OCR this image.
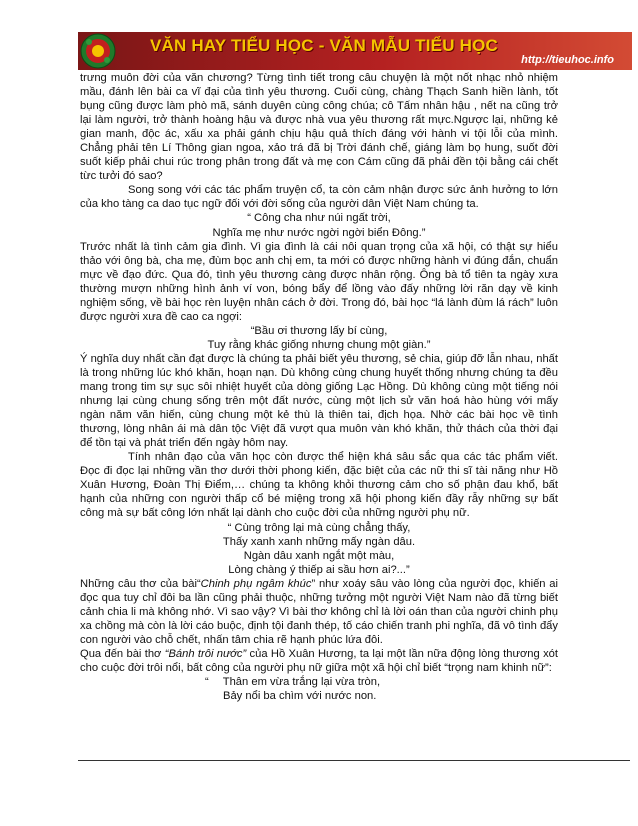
VĂN HAY TIỂU HỌC - VĂN MẪU TIỂU HỌC
http://tieuhoc.info

trưng muôn đời của văn chương? Từng tình tiết trong câu chuyện là một nốt nhạc nhỏ nhiệm mầu, đánh lên bài ca vĩ đại của tình yêu thương. Cuối cùng, chàng Thạch Sanh hiền lành, tốt bụng cũng được làm phò mã, sánh duyên cùng công chúa; cô Tấm nhân hậu , nết na cũng trở lại làm người, trở thành hoàng hậu và được nhà vua yêu thương rất mực.Ngược lại, những kẻ gian manh, độc ác, xấu xa phải gánh chịu hậu quả thích đáng với hành vi tội lỗi của mình. Chẳng phải tên Lí Thông gian ngoa, xảo trá đã bị Trời đánh chế, giáng làm bọ hung, suốt đời suốt kiếp phải chui rúc trong phân trong đất và mẹ con Cám cũng đã phải đền tội bằng cái chết từc tưởi đó sao?

Song song với các tác phẩm truyện cổ, ta còn cảm nhận được sức ảnh hưởng to lớn của kho tàng ca dao tục ngữ đối với đời sống của người dân Việt Nam chúng ta.

“ Công cha như núi ngất trời,

Nghĩa mẹ như nước ngời ngời biển Đông.”

Trước nhất là tình cảm gia đình. Vì gia đình là cái nôi quan trọng của xã hội, có thật sự hiểu thảo với ông bà, cha mẹ, đùm bọc anh chị em, ta mới có được những hành vi đúng đắn, chuẩn mực về đạo đức. Qua đó, tình yêu thương càng được nhân rộng. Ông bà tổ tiên ta ngày xưa thường mượn những hình ảnh ví von, bóng bẩy để lồng vào đấy những lời răn dạy về kinh nghiệm sống, về bài học rèn luyện nhân cách ở đời. Trong đó, bài học “lá lành đùm lá rách” luôn được người xưa đề cao ca ngợi:

“Bầu ơi thương lấy bí cùng,

Tuy rằng khác giống nhưng chung một giàn.”

Ý nghĩa duy nhất cần đạt được là chúng ta phải biết yêu thương, sẻ chia, giúp đỡ lẫn nhau, nhất là trong những lúc khó khăn, hoạn nạn. Dù không cùng chung huyết thống nhưng chúng ta đều mang trong tim sự sục sôi nhiệt huyết của dòng giống Lạc Hồng. Dù không cùng một tiếng nói nhưng lại cùng chung sống trên một đất nước, cùng một lịch sử văn hoá hào hùng với mấy ngàn năm văn hiến, cùng chung một kẻ thù là thiên tai, địch họa. Nhờ các bài học về tình thương, lòng nhân ái mà dân tộc Việt đã vượt qua muôn vàn khó khăn, thử thách của thời đại để tồn tại và phát triển đến ngày hôm nay.

Tính nhân đạo của văn học còn được thể hiện khá sâu sắc qua các tác phẩm viết. Đọc đi đọc lại những vần thơ dưới thời phong kiến, đặc biệt của các nữ thi sĩ tài năng như Hồ Xuân Hương, Đoàn Thị Điểm,… chúng ta không khỏi thương cảm cho số phận đau khổ, bất hạnh của những con người thấp cổ bé miệng trong xã hội phong kiến đầy rẫy những sự bất công mà sự bất công lớn nhất lại dành cho cuộc đời của những người phụ nữ.

“ Cùng trông lại mà cùng chẳng thấy,

Thấy xanh xanh những mấy ngàn dâu.

Ngàn dâu xanh ngắt một màu,

Lòng chàng ý thiếp ai sầu hơn ai?...”

Những câu thơ của bài“Chinh phụ ngâm khúc” như xoáy sâu vào lòng của người đọc, khiến ai đọc qua tuy chỉ đôi ba lần cũng phải thuộc, những tưởng một người Việt Nam nào đã từng biết cảnh chia li mà không nhớ. Vì sao vậy? Vì bài thơ không chỉ là lời oán than của người chinh phụ xa chồng mà còn là lời cáo buộc, định tội đanh thép, tố cáo chiến tranh phi nghĩa, đã vô tình đẩy con người vào chỗ chết, nhấn tâm chia rẽ hạnh phúc lứa đôi.

Qua đến bài thơ “Bánh trôi nước” của Hồ Xuân Hương, ta lại một lần nữa động lòng thương xót cho cuộc đời trôi nổi, bất công của người phụ nữ giữa một xã hội chỉ biết “trọng nam khinh nữ”:

“ Thân em vừa trắng lại vừa tròn,

Bảy nổi ba chìm với nước non.
